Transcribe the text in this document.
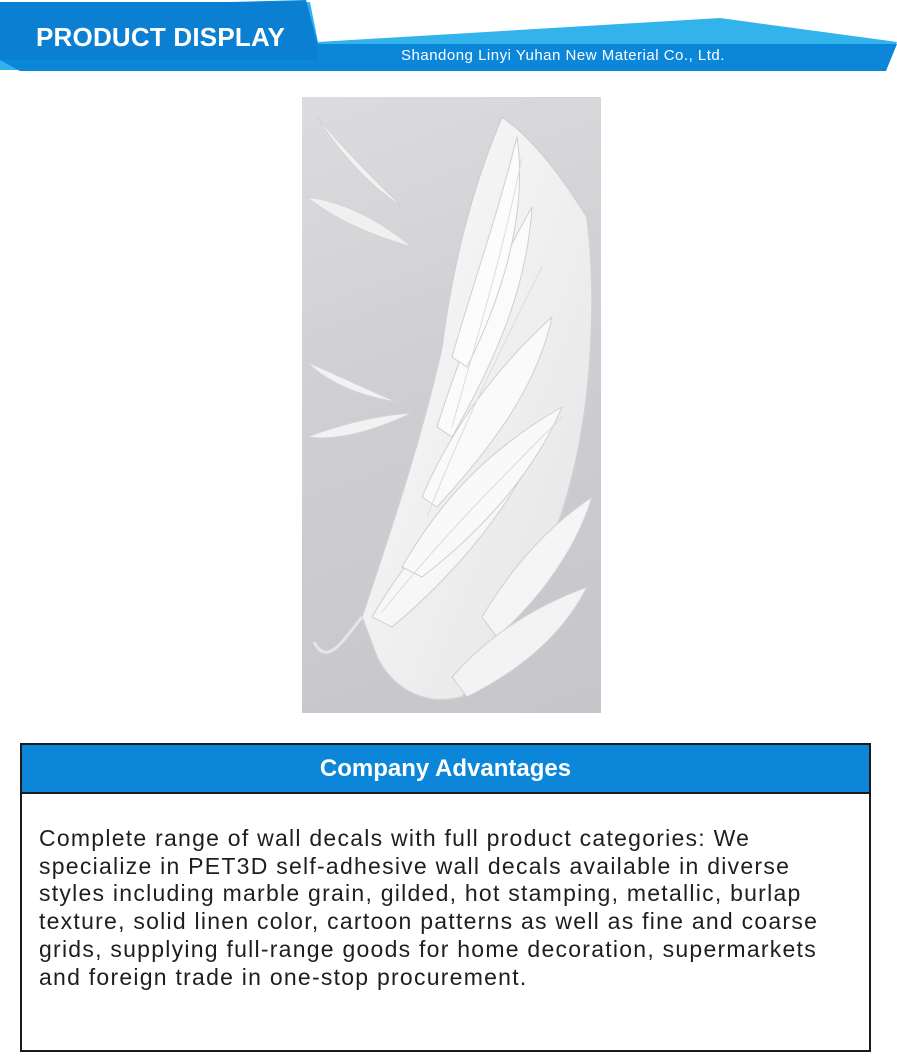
PRODUCT DISPLAY
Shandong Linyi Yuhan New Material Co., Ltd.
Company Advantages

Complete range of wall decals with full product categories: We specialize in PET3D self-adhesive wall decals available in diverse styles including marble grain, gilded, hot stamping, metallic, burlap texture, solid linen color, cartoon patterns as well as fine and coarse grids, supplying full-range goods for home decoration, supermarkets and foreign trade in one-stop procurement.
